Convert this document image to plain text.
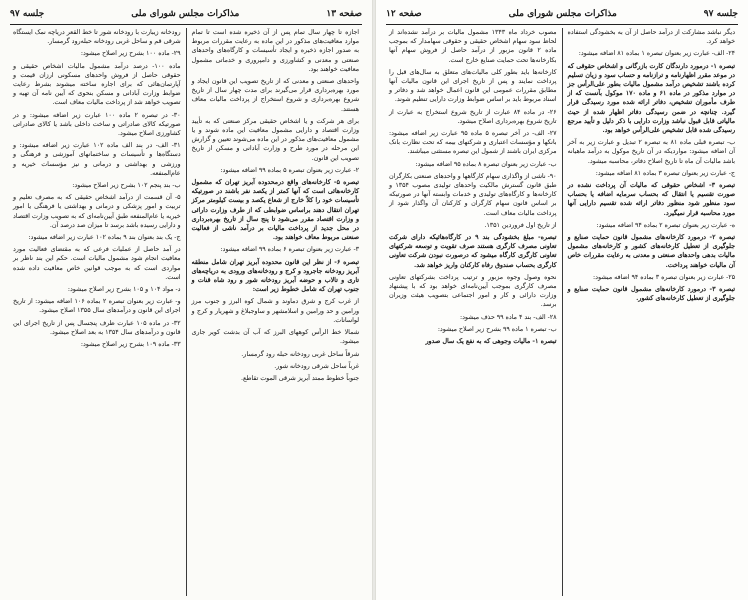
صفحه ۱۳
مذاکرات مجلس شورای ملی
جلسه ۹۷

اجازه تا چهار سال تمام پس از آن ذخیره شده است تا تمام موارد معافیت‌های مذکور در این ماده به رعایت مقررات مربوط به صدور اجازه ذخیره و ایجاد تأسیسات و کارگاه‌های واحدهای صنعتی و معدنی و کشاورزی و دامپروری و خدماتی مشمول معافیت خواهند بود.

واحدهای صنعتی و معدنی که از تاریخ تصویب این قانون ایجاد و مورد بهره‌برداری قرار می‌گیرند برای مدت چهار سال از تاریخ شروع بهره‌برداری و شروع استخراج از پرداخت مالیات معاف هستند.

برای هر شرکت و یا اشخاص حقیقی مرکز صنعتی که به تأیید وزارت اقتصاد و دارایی مشمول معافیت این ماده شوند و یا مشمول معافیت‌های مذکور در این ماده می‌شوند تعیین و گزارش این مرحله در مورد طرح و وزارت آبادانی و مسکن از تاریخ تصویب این قانون.

۲- عبارت زیر بعنوان تبصره ۵ بماده ۹۹ اضافه میشود:

تبصره ۵- کارخانه‌های واقع درمحدوده آبریز تهران که مشمول کارخانه‌هائی است که آنها کمتر از یکصد نفر باشند در صورتیکه تأسیسات خود را کلاً خارج از شعاع یکصد و بیست کیلومتر مرکز تهران انتقال دهند براساس ضوابطی که از طرف وزارت دارائی و وزارت اقتصاد مقرر می‌شود تا پنج سال از تاریخ بهره‌برداری در محل جدید از پرداخت مالیات بر درآمد ناشی از فعالیت صنعتی مربوط معاف خواهند بود.

۳- عبارت زیر بعنوان تبصره ۶ بماده ۹۹ اضافه میشود:

تبصره ۶- از نظر این قانون محدوده آبریز تهران شامل منطقه آبریز رودخانه جاجرود و کرج و رودخانه‌های ورودی به دریاچه‌های تاری و تالاب و حوضه آبریز رودخانه شور و رود شاه قنات و جنوب تهران که شامل خطوط زیر است:

از غرب کرج و شرق دماوند و شمال کوه البرز و جنوب مرز ورامین و حد ورامین و اسلامشهر و ساوجبلاغ و شهریار و کرج و لواسانات.

شمالا خط الرأس کوههای البرز که آب آن بدشت کویر جاری میشود.

شرقاً ساحل غربی رودخانه حبله رود گرمسار.

غرباً ساحل شرقی رودخانه شور.

جنوباً خطوط ممتد آبریز شرقی الموت تقاطع.

رودخانه زیبارت با رودخانه شور تا خط القعر دریاچه نمک ایستگاه شرقی قم و ساحل غربی رودخانه حبله‌رود گرمسار.

۲۹- ماده ۱۰۰ بشرح زیر اصلاح میشود:

ماده ۱۰۰- درصد درآمد مشمول مالیات اشخاص حقیقی و حقوقی حاصل از فروش واحدهای مسکونی ارزان قیمت و آپارتمان‌هائی که برای اجاره ساخته میشوند بشرط رعایت ضوابط وزارت آبادانی و مسکن بنحوی که آیین نامه آن تهیه و تصویب خواهد شد از پرداخت مالیات معاف است.

۳۰- در تبصره ۲ ماده ۱۰۰ عبارت زیر اضافه میشود: و در صورتیکه کالای صادراتی و ساخت داخلی باشد یا کالای صادراتی کشاورزی اصلاح میشود.

۳۱- الف- در بند الف ماده ۱۰۲ عبارت زیر اضافه میشود: و دستگاه‌ها و تأسیسات و ساختمانهای آموزشی و فرهنگی و ورزشی و بهداشتی و درمانی و نیز مؤسسات خیریه و عام‌المنفعه.

ب- بند پنجم ۱۰۲ بشرح زیر اصلاح میشود:

۵- آن قسمت از درآمد اشخاص حقیقی که به مصرف تعلیم و تربیت و امور پزشکی و درمانی و بهداشتی یا فرهنگی یا امور خیریه یا عام‌المنفعه طبق آیین‌نامه‌ای که به تصویب وزارت اقتصاد و دارایی رسیده باشد برسد تا میزان صد درصد آن.

ج- یک بند بعنوان بند ۹ بماده ۱۰۲ عبارت زیر اضافه میشود:

در آمد حاصل از عملیات فرعی که به مقتضای فعالیت مورد معافیت انجام شود مشمول مالیات است. حکم این بند ناظر بر مواردی است که به موجب قوانین خاص معافیت داده شده است.

د- مواد ۱۰۴ و ۱۰۵ بشرح زیر اصلاح میشود:

و- عبارت زیر بعنوان تبصره ۲ بماده ۱۰۶ اضافه میشود: از تاریخ اجرای این قانون و درآمدهای سال ۱۳۵۵ اصلاح میشود.

۳۲- در ماده ۱۰۵ عبارت ظرف پنجسال پس از تاریخ اجرای این قانون و درآمد‌های سال ۱۳۵۴ به بعد اصلاح میشود.

۳۳- ماده ۱۰۹ بشرح زیر اصلاح میشود:

جلسه ۹۷
مذاکرات مجلس شورای ملی
صفحه ۱۲

دیگر نباشد مشارکت از درآمد حاصل از آن به بخشودگی استفاده خواهد کرد.

۲۴- الف- عبارت زیر بعنوان تبصره ۱ بماده ۸۱ اضافه میشود:

تبصره ۱- درمورد دارندگان کارت بازرگانی و اشخاص حقوقی که در موعد مقرر اظهارنامه و ترازنامه و حساب سود و زیان تسلیم کرده باشند تشخیص درآمد مشمول مالیات بطور علی‌الرأس جز در موارد مذکور در ماده ۶۱ و ماده ۱۷۰ موکول بآنست که از طرف مأموران تشخیص، دفاتر ارائه شده مورد رسیدگی قرار گیرد. چنانچه در ضمن رسیدگی دفاتر اظهار شده از حیث مالیاتی قابل قبول نباشد وزارت دارایی با ذکر دلیل و تأیید مرجع رسیدگی شده قابل تشخیص علی‌الرأس خواهد بود.

ب- تبصره قبلی ماده ۸۱ به تبصره ۲ تبدیل و عبارت زیر به آخر آن اضافه میشود: مواردیکه در آن تاریخ موکول به درآمد ماهیانه باشد مالیات آن ماه تا تاریخ اصلاح دفاتر، محاسبه میشود.

ج- عبارت زیر بعنوان تبصره ۳ بماده ۸۱ اضافه میشود:

تبصره ۳- اشخاص حقوقی که مالیات آن پرداخت نشده در صورت تقسیم یا انتقال که بحساب سرمایه اضافه یا بحساب سود منظور شود منظور دفاتر ارائه شده تقسیم دارایی آنها مورد محاسبه قرار نمیگیرد.

ه- عبارت زیر بعنوان تبصره ۲ بماده ۹۴ اضافه میشود:

تبصره ۲- درمورد کارخانه‌های مشمول قانون حمایت صنایع و جلوگیری از تعطیل کارخانه‌های کشور و کارخانه‌های مشمول مالیات بدهی واحدهای صنعتی و معدنی به رعایت مقررات خاص آن مالیات خواهند پرداخت.

۲۵- عبارت زیر بعنوان تبصره ۳ بماده ۹۴ اضافه میشود:

تبصره ۳- درمورد کارخانه‌های مشمول قانون حمایت صنایع و جلوگیری از تعطیل کارخانه‌های کشور.

مصوب خرداد ماه ۱۳۴۳ مشمول مالیات بر درآمد نشده‌اند از لحاظ سود سهام اشخاص حقیقی و حقوقی سهامدار که بموجب ماده ۲ قانون مزبور از درآمد حاصل از فروش سهام آنها بکارخانه‌ها تحت حمایت صنایع خارج است.

کارخانه‌ها باید بطور کلی مالیات‌های متعلق به سال‌های قبل را پرداخت نمایند و پس از تاریخ اجرای این قانون مالیات آنها مطابق مقررات عمومی این قانون اعمال خواهد شد و دفاتر و اسناد مربوط باید بر اساس ضوابط وزارت دارایی تنظیم شوند.

۲۶- در ماده ۸۴ عبارت از تاریخ شروع استخراج به عبارت از تاریخ شروع بهره‌برداری اصلاح میشود.

۲۷- الف- در آخر تبصره ۵ ماده ۹۵ عبارت زیر اضافه میشود: بانکها و مؤسسات اعتباری و شرکتهای بیمه که تحت نظارت بانک مرکزی ایران باشند از شمول این تبصره مستثنی میباشند.

ب- عبارت زیر بعنوان تبصره ۸ بماده ۹۵ اضافه میشود:

۹۰- ناشی از واگذاری سهام کارگاهها و واحدهای صنعتی بکارگران طبق قانون گسترش مالکیت واحدهای تولیدی مصوب ۱۳۵۴ و کارخانه‌ها و کارگاه‌های تولیدی و خدمات وابسته آنها در صورتیکه بر اساس قانون سهام کارگران و کارکنان آن واگذار شود از پرداخت مالیات معاف است.

از تاریخ اول فروردین ۱۳۵۱.

تبصره- مبلغ بخشودگی بند ۹ در کارگاه‌هائیکه دارای شرکت تعاونی مصرف کارگری هستند صرف تقویت و توسعه شرکتهای تعاونی کارگری کارگاه میشود که درصورت نبودن شرکت تعاونی کارگری بحساب صندوق رفاه کارکنان واریز خواهد شد.

نحوه وصول وجوه مزبور و ترتیب پرداخت بشرکتهای تعاونی مصرف کارگری بموجب آیین‌نامه‌ای خواهد بود که با پیشنهاد وزارت دارائی و کار و امور اجتماعی بتصویب هیئت وزیران برسد.

۲۸- الف- بند ۴ ماده ۹۹ حذف میشود:

ب- تبصره ۱ ماده ۹۹ بشرح زیر اصلاح میشود:

تبصره ۱- مالیات وجوهی که به نفع یک سال صدور
